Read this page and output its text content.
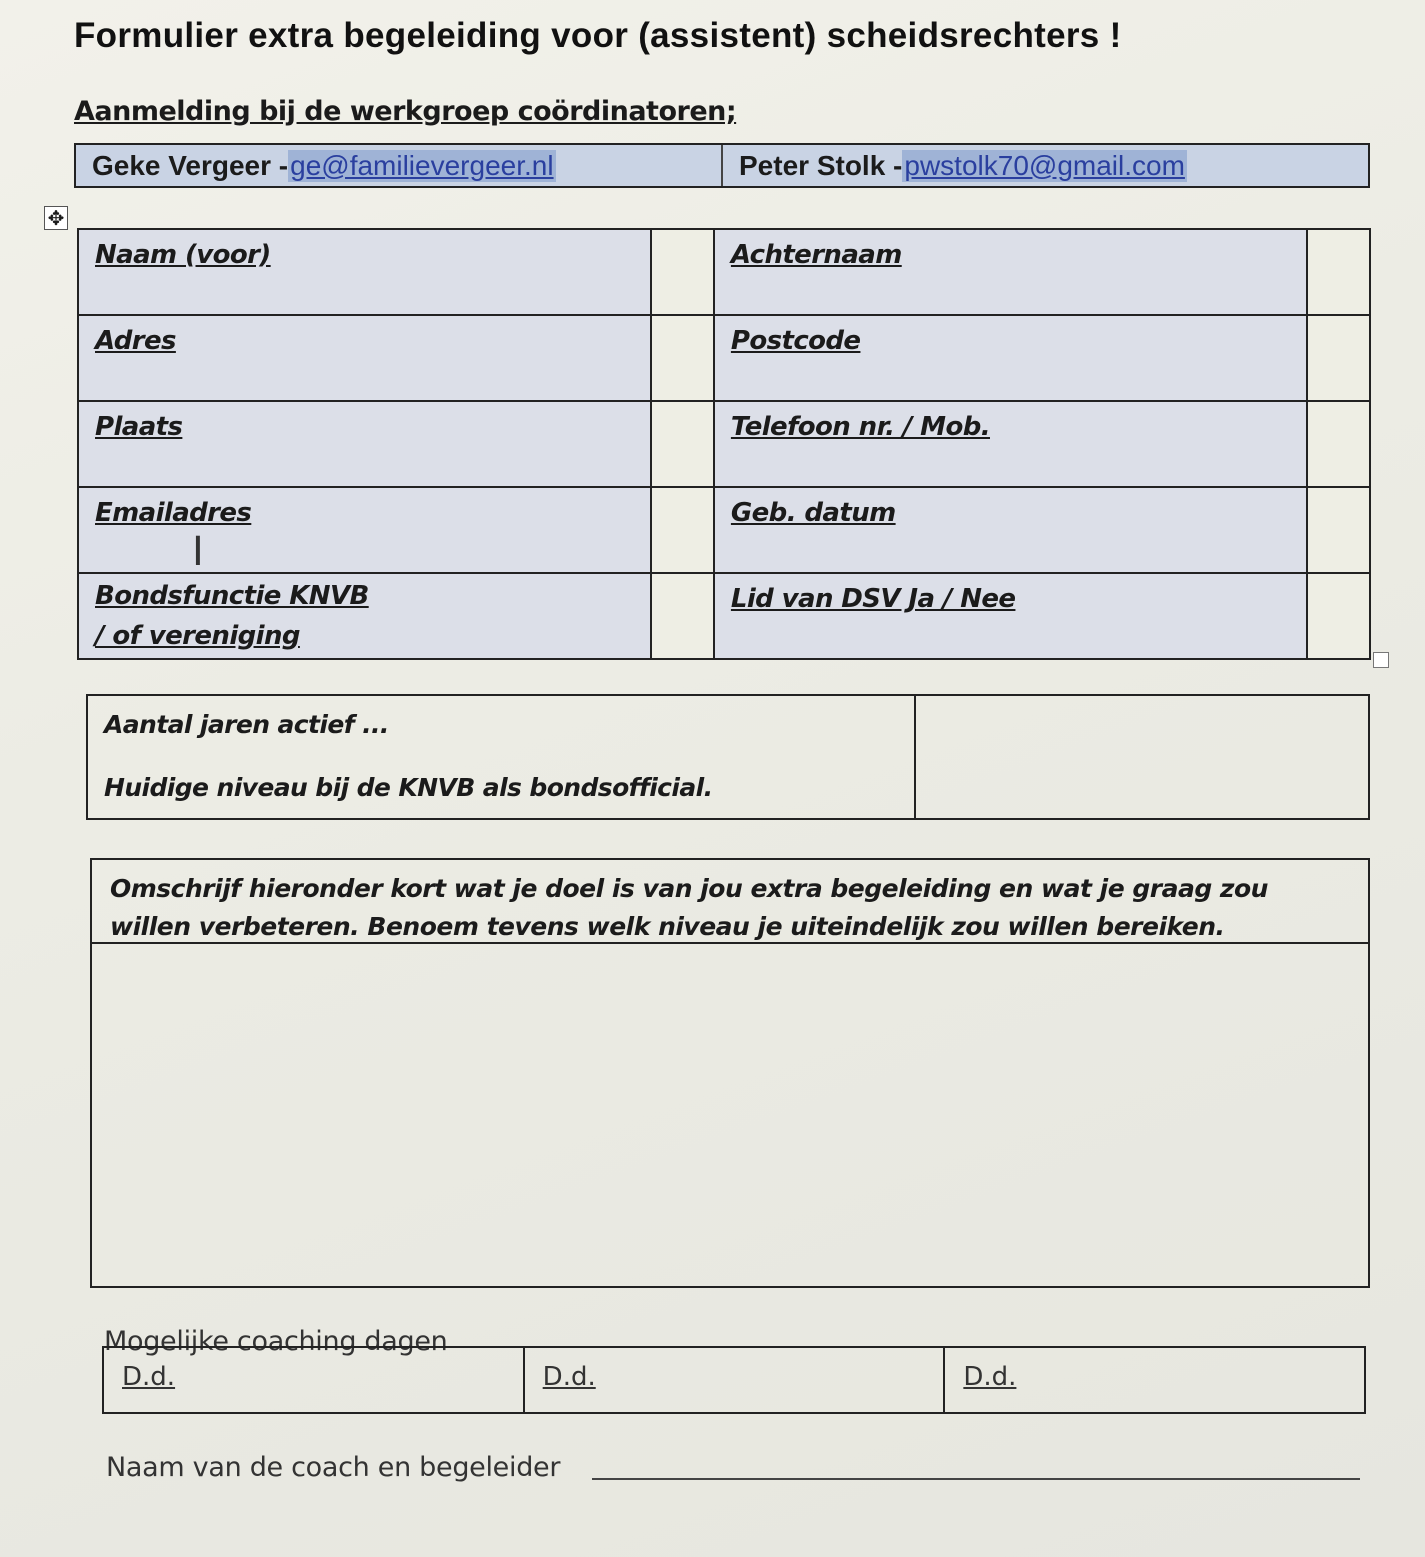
Formulier extra begeleiding voor (assistent) scheidsrechters !
Aanmelding bij de werkgroep coördinatoren;
Geke Vergeer - ge@familievergeer.nl	Peter Stolk - pwstolk70@gmail.com
✥
Naam (voor)		Achternaam	
Adres		Postcode	
Plaats		Telefoon nr. / Mob.	
Emailadres		Geb. datum	
Bondsfunctie KNVB
/ of vereniging		Lid van DSV Ja / Nee	
I
Aantal jaren actief ...
Huidige niveau bij de KNVB als bondsofficial.
Omschrijf hieronder kort wat je doel is van jou extra begeleiding en wat je graag zou
willen verbeteren. Benoem tevens welk niveau je uiteindelijk zou willen bereiken.
Mogelijke coaching dagen
D.d.	D.d.	D.d.
Naam van de coach en begeleider
